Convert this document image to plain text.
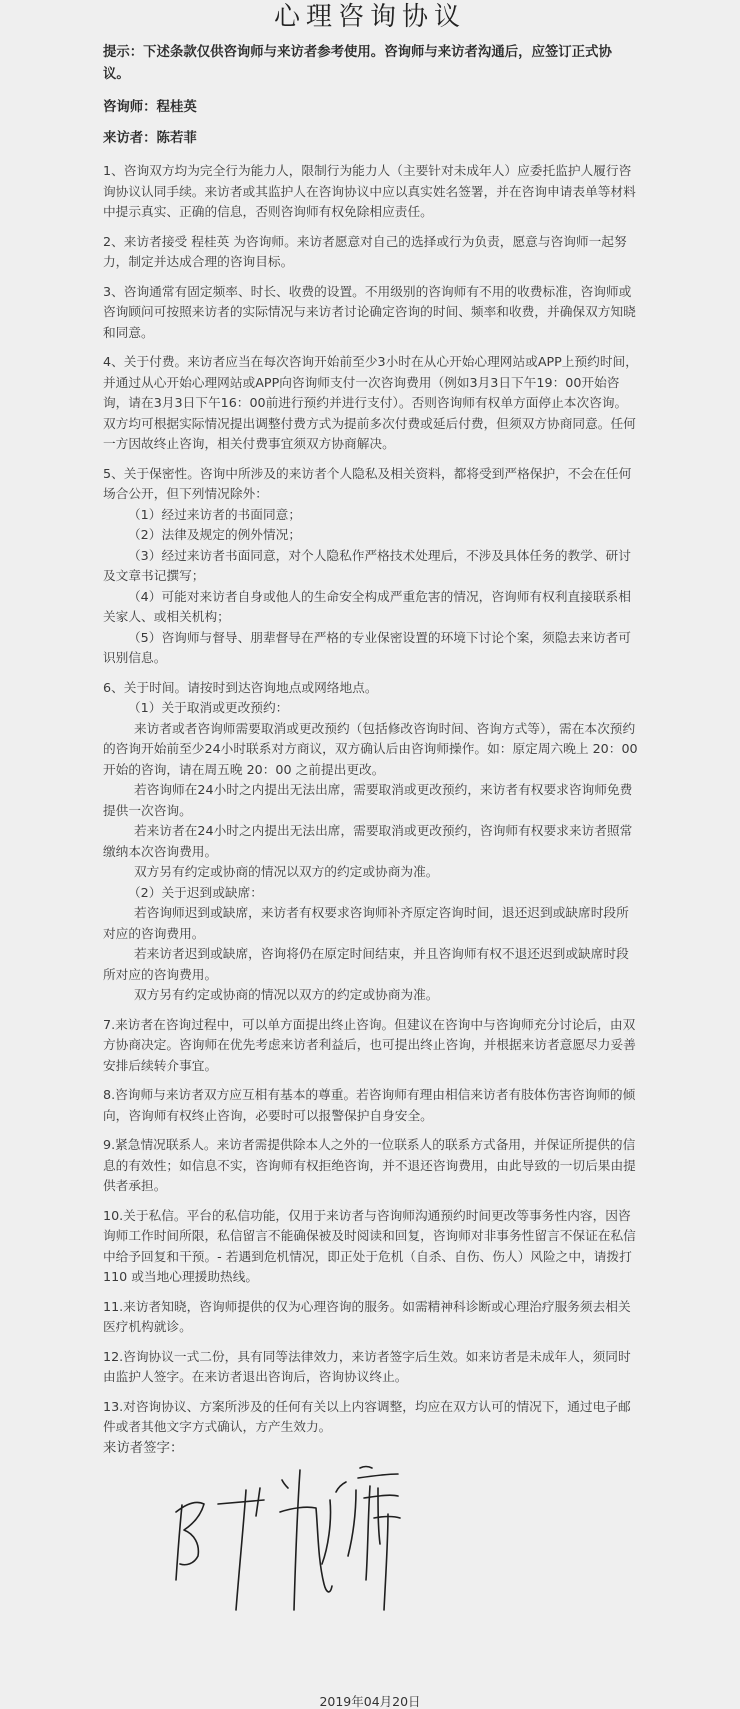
心理咨询协议

提示：下述条款仅供咨询师与来访者参考使用。咨询师与来访者沟通后，应签订正式协议。

咨询师：程桂英

来访者：陈若菲

1、咨询双方均为完全行为能力人，限制行为能力人（主要针对未成年人）应委托监护人履行咨询协议认同手续。来访者或其监护人在咨询协议中应以真实姓名签署，并在咨询申请表单等材料中提示真实、正确的信息，否则咨询师有权免除相应责任。

2、来访者接受 程桂英 为咨询师。来访者愿意对自己的选择或行为负责，愿意与咨询师一起努力，制定并达成合理的咨询目标。

3、咨询通常有固定频率、时长、收费的设置。不用级别的咨询师有不用的收费标准，咨询师或咨询顾问可按照来访者的实际情况与来访者讨论确定咨询的时间、频率和收费，并确保双方知晓和同意。

4、关于付费。来访者应当在每次咨询开始前至少3小时在从心开始心理网站或APP上预约时间，并通过从心开始心理网站或APP向咨询师支付一次咨询费用（例如3月3日下午19：00开始咨询，请在3月3日下午16：00前进行预约并进行支付）。否则咨询师有权单方面停止本次咨询。双方均可根据实际情况提出调整付费方式为提前多次付费或延后付费，但须双方协商同意。任何一方因故终止咨询，相关付费事宜须双方协商解决。

5、关于保密性。咨询中所涉及的来访者个人隐私及相关资料，都将受到严格保护，不会在任何场合公开，但下列情况除外：

（1）经过来访者的书面同意；

（2）法律及规定的例外情况；

（3）经过来访者书面同意，对个人隐私作严格技术处理后，不涉及具体任务的教学、研讨及文章书记撰写；

（4）可能对来访者自身或他人的生命安全构成严重危害的情况，咨询师有权利直接联系相关家人、或相关机构；

（5）咨询师与督导、朋辈督导在严格的专业保密设置的环境下讨论个案，须隐去来访者可识别信息。

6、关于时间。请按时到达咨询地点或网络地点。

（1）关于取消或更改预约：

来访者或者咨询师需要取消或更改预约（包括修改咨询时间、咨询方式等），需在本次预约的咨询开始前至少24小时联系对方商议，双方确认后由咨询师操作。如：原定周六晚上 20：00 开始的咨询，请在周五晚 20：00 之前提出更改。

若咨询师在24小时之内提出无法出席，需要取消或更改预约，来访者有权要求咨询师免费提供一次咨询。

若来访者在24小时之内提出无法出席，需要取消或更改预约，咨询师有权要求来访者照常缴纳本次咨询费用。

双方另有约定或协商的情况以双方的约定或协商为准。

（2）关于迟到或缺席：

若咨询师迟到或缺席，来访者有权要求咨询师补齐原定咨询时间，退还迟到或缺席时段所对应的咨询费用。

若来访者迟到或缺席，咨询将仍在原定时间结束，并且咨询师有权不退还迟到或缺席时段所对应的咨询费用。

双方另有约定或协商的情况以双方的约定或协商为准。

7.来访者在咨询过程中，可以单方面提出终止咨询。但建议在咨询中与咨询师充分讨论后，由双方协商决定。咨询师在优先考虑来访者利益后，也可提出终止咨询，并根据来访者意愿尽力妥善安排后续转介事宜。

8.咨询师与来访者双方应互相有基本的尊重。若咨询师有理由相信来访者有肢体伤害咨询师的倾向，咨询师有权终止咨询，必要时可以报警保护自身安全。

9.紧急情况联系人。来访者需提供除本人之外的一位联系人的联系方式备用，并保证所提供的信息的有效性；如信息不实，咨询师有权拒绝咨询，并不退还咨询费用，由此导致的一切后果由提供者承担。

10.关于私信。平台的私信功能，仅用于来访者与咨询师沟通预约时间更改等事务性内容，因咨询师工作时间所限，私信留言不能确保被及时阅读和回复，咨询师对非事务性留言不保证在私信中给予回复和干预。- 若遇到危机情况，即正处于危机（自杀、自伤、伤人）风险之中，请拨打 110 或当地心理援助热线。

11.来访者知晓，咨询师提供的仅为心理咨询的服务。如需精神科诊断或心理治疗服务须去相关医疗机构就诊。

12.咨询协议一式二份，具有同等法律效力，来访者签字后生效。如来访者是未成年人，须同时由监护人签字。在来访者退出咨询后，咨询协议终止。

13.对咨询协议、方案所涉及的任何有关以上内容调整，均应在双方认可的情况下，通过电子邮件或者其他文字方式确认，方产生效力。

来访者签字：

陈若菲

2019年04月20日
